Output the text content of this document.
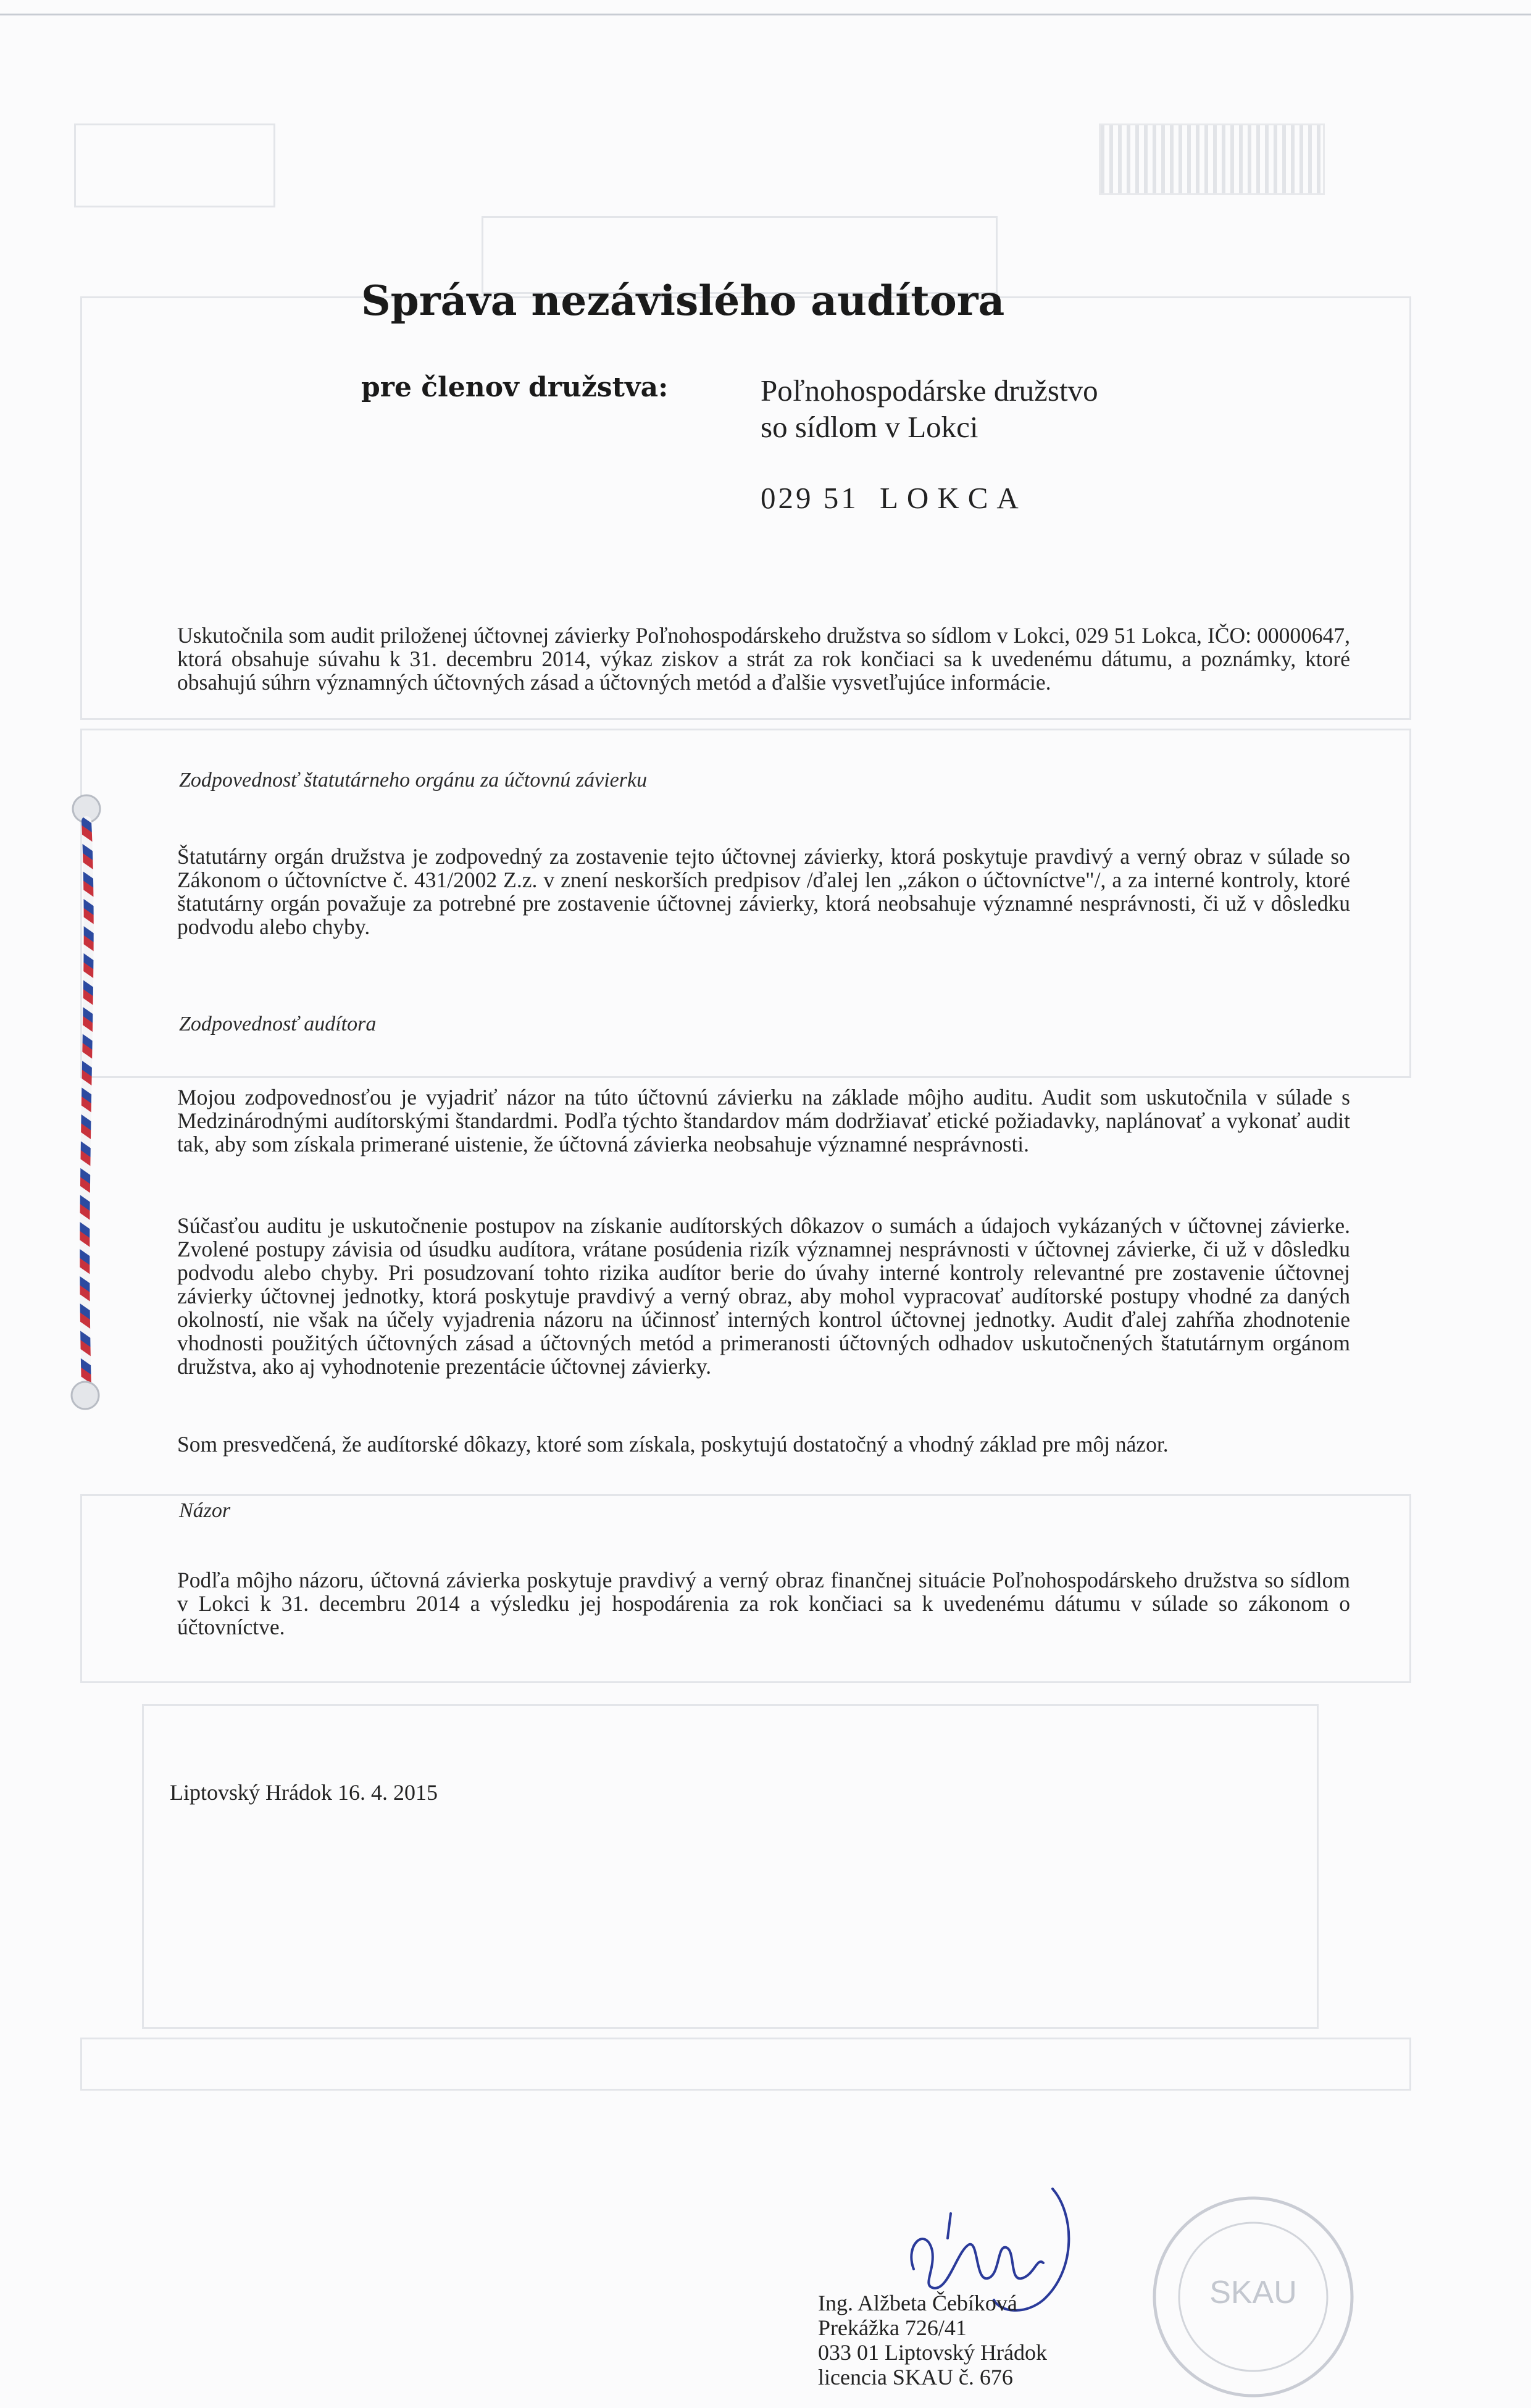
Správa nezávislého audítora
pre členov družstva:	Poľnohospodárske družstvo
so sídlom v Lokci
029 51 LOKCA

Uskutočnila som audit priloženej účtovnej závierky Poľnohospodárskeho družstva so sídlom v Lokci, 029 51 Lokca, IČO: 00000647, ktorá obsahuje súvahu k 31. decembru 2014, výkaz ziskov a strát za rok končiaci sa k uvedenému dátumu, a poznámky, ktoré obsahujú súhrn významných účtovných zásad a účtovných metód a ďalšie vysvetľujúce informácie.

Zodpovednosť štatutárneho orgánu za účtovnú závierku

Štatutárny orgán družstva je zodpovedný za zostavenie tejto účtovnej závierky, ktorá poskytuje pravdivý a verný obraz v súlade so Zákonom o účtovníctve č. 431/2002 Z.z. v znení neskorších predpisov /ďalej len „zákon o účtovníctve"/, a za interné kontroly, ktoré štatutárny orgán považuje za potrebné pre zostavenie účtovnej závierky, ktorá neobsahuje významné nesprávnosti, či už v dôsledku podvodu alebo chyby.

Zodpovednosť audítora

Mojou zodpovednosťou je vyjadriť názor na túto účtovnú závierku na základe môjho auditu. Audit som uskutočnila v súlade s Medzinárodnými audítorskými štandardmi. Podľa týchto štandardov mám dodržiavať etické požiadavky, naplánovať a vykonať audit tak, aby som získala primerané uistenie, že účtovná závierka neobsahuje významné nesprávnosti.

Súčasťou auditu je uskutočnenie postupov na získanie audítorských dôkazov o sumách a údajoch vykázaných v účtovnej závierke. Zvolené postupy závisia od úsudku audítora, vrátane posúdenia rizík významnej nesprávnosti v účtovnej závierke, či už v dôsledku podvodu alebo chyby. Pri posudzovaní tohto rizika audítor berie do úvahy interné kontroly relevantné pre zostavenie účtovnej závierky účtovnej jednotky, ktorá poskytuje pravdivý a verný obraz, aby mohol vypracovať audítorské postupy vhodné za daných okolností, nie však na účely vyjadrenia názoru na účinnosť interných kontrol účtovnej jednotky. Audit ďalej zahŕňa zhodnotenie vhodnosti použitých účtovných zásad a účtovných metód a primeranosti účtovných odhadov uskutočnených štatutárnym orgánom družstva, ako aj vyhodnotenie prezentácie účtovnej závierky.

Som presvedčená, že audítorské dôkazy, ktoré som získala, poskytujú dostatočný a vhodný základ pre môj názor.

Názor

Podľa môjho názoru, účtovná závierka poskytuje pravdivý a verný obraz finančnej situácie Poľnohospodárskeho družstva so sídlom v Lokci k 31. decembru 2014 a výsledku jej hospodárenia za rok končiaci sa k uvedenému dátumu v súlade so zákonom o účtovníctve.

Liptovský Hrádok 16. 4. 2015
Ing. Alžbeta Čebíková
Prekážka 726/41
033 01 Liptovský Hrádok
licencia SKAU č. 676
SKAU
